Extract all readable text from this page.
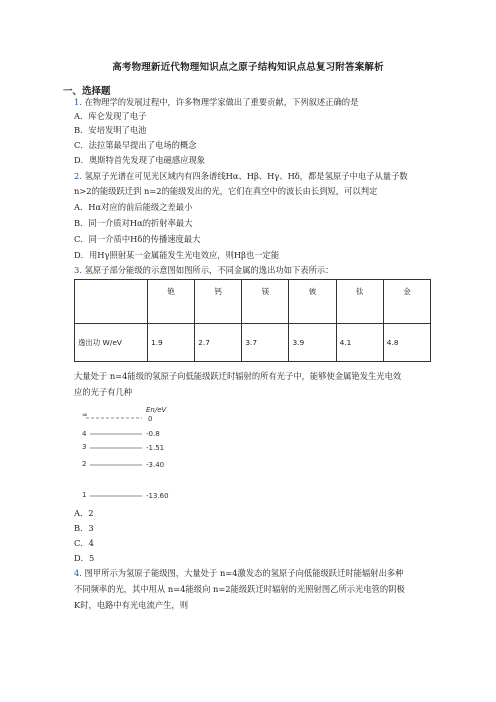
高考物理新近代物理知识点之原子结构知识点总复习附答案解析
一、选择题
1. 在物理学的发展过程中，许多物理学家做出了重要贡献，下列叙述正确的是
A．库仑发现了电子
B．安培发明了电池
C．法拉第最早提出了电场的概念
D．奥斯特首先发现了电磁感应现象
2. 氢原子光谱在可见光区域内有四条谱线Hα、Hβ、Hγ、Hδ，都是氢原子中电子从量子数
n>2的能级跃迁到 n=2的能级发出的光，它们在真空中的波长由长到短，可以判定
A．Hα对应的前后能级之差最小
B．同一介质对Hα的折射率最大
C．同一介质中Hδ的传播速度最大
D．用Hγ照射某一金属能发生光电效应，则Hβ也一定能
3. 氢原子部分能级的示意图如图所示，不同金属的逸出功如下表所示：
	铯	钙	镁	铍	钛	金
逸出功 W/eV	1.9	2.7	3.7	3.9	4.1	4.8
大量处于 n=4能级的氢原子向低能级跃迁时辐射的所有光子中，能够使金属铯发生光电效
应的光子有几种
En/eV
∞	0
4	-0.8
3	-1.51
2	-3.40
1	-13.60
A．2
B．3
C．4
D．5
4. 图甲所示为氢原子能级图，大量处于 n=4激发态的氢原子向低能级跃迁时能辐射出多种
不同频率的光，其中用从 n=4能级向 n=2能级跃迁时辐射的光照射图乙所示光电管的阴极
K时，电路中有光电流产生，则
